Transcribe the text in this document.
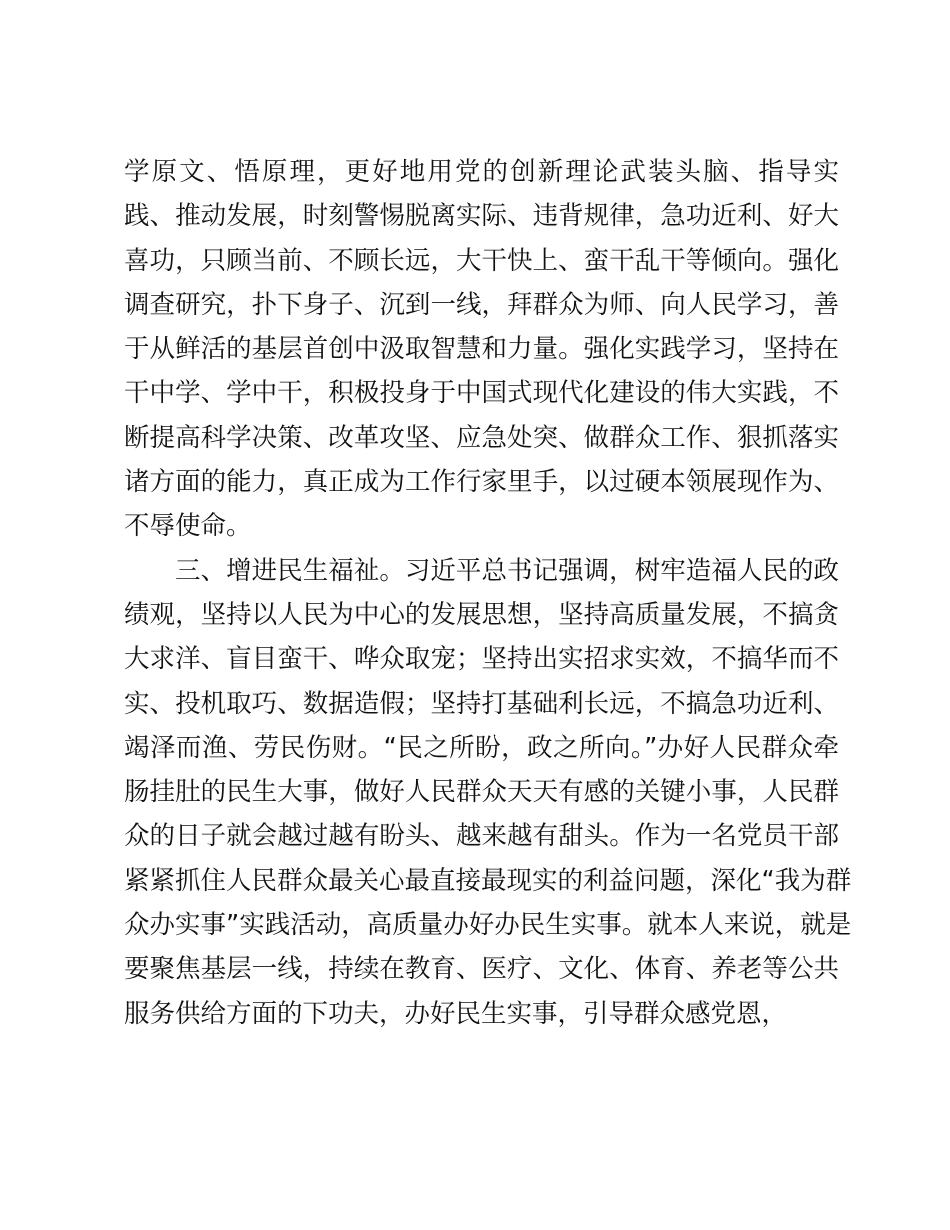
学原文、悟原理，更好地用党的创新理论武装头脑、指导实
践、推动发展，时刻警惕脱离实际、违背规律，急功近利、好大
喜功，只顾当前、不顾长远，大干快上、蛮干乱干等倾向。强化
调查研究，扑下身子、沉到一线，拜群众为师、向人民学习，善
于从鲜活的基层首创中汲取智慧和力量。强化实践学习，坚持在
干中学、学中干，积极投身于中国式现代化建设的伟大实践，不
断提高科学决策、改革攻坚、应急处突、做群众工作、狠抓落实
诸方面的能力，真正成为工作行家里手，以过硬本领展现作为、
不辱使命。
三、增进民生福祉。习近平总书记强调，树牢造福人民的政
绩观，坚持以人民为中心的发展思想，坚持高质量发展，不搞贪
大求洋、盲目蛮干、哗众取宠；坚持出实招求实效，不搞华而不
实、投机取巧、数据造假；坚持打基础利长远，不搞急功近利、
竭泽而渔、劳民伤财。“民之所盼，政之所向。”办好人民群众牵
肠挂肚的民生大事，做好人民群众天天有感的关键小事，人民群
众的日子就会越过越有盼头、越来越有甜头。作为一名党员干部
紧紧抓住人民群众最关心最直接最现实的利益问题，深化“我为群
众办实事”实践活动，高质量办好办民生实事。就本人来说，就是
要聚焦基层一线，持续在教育、医疗、文化、体育、养老等公共
服务供给方面的下功夫，办好民生实事，引导群众感党恩，
